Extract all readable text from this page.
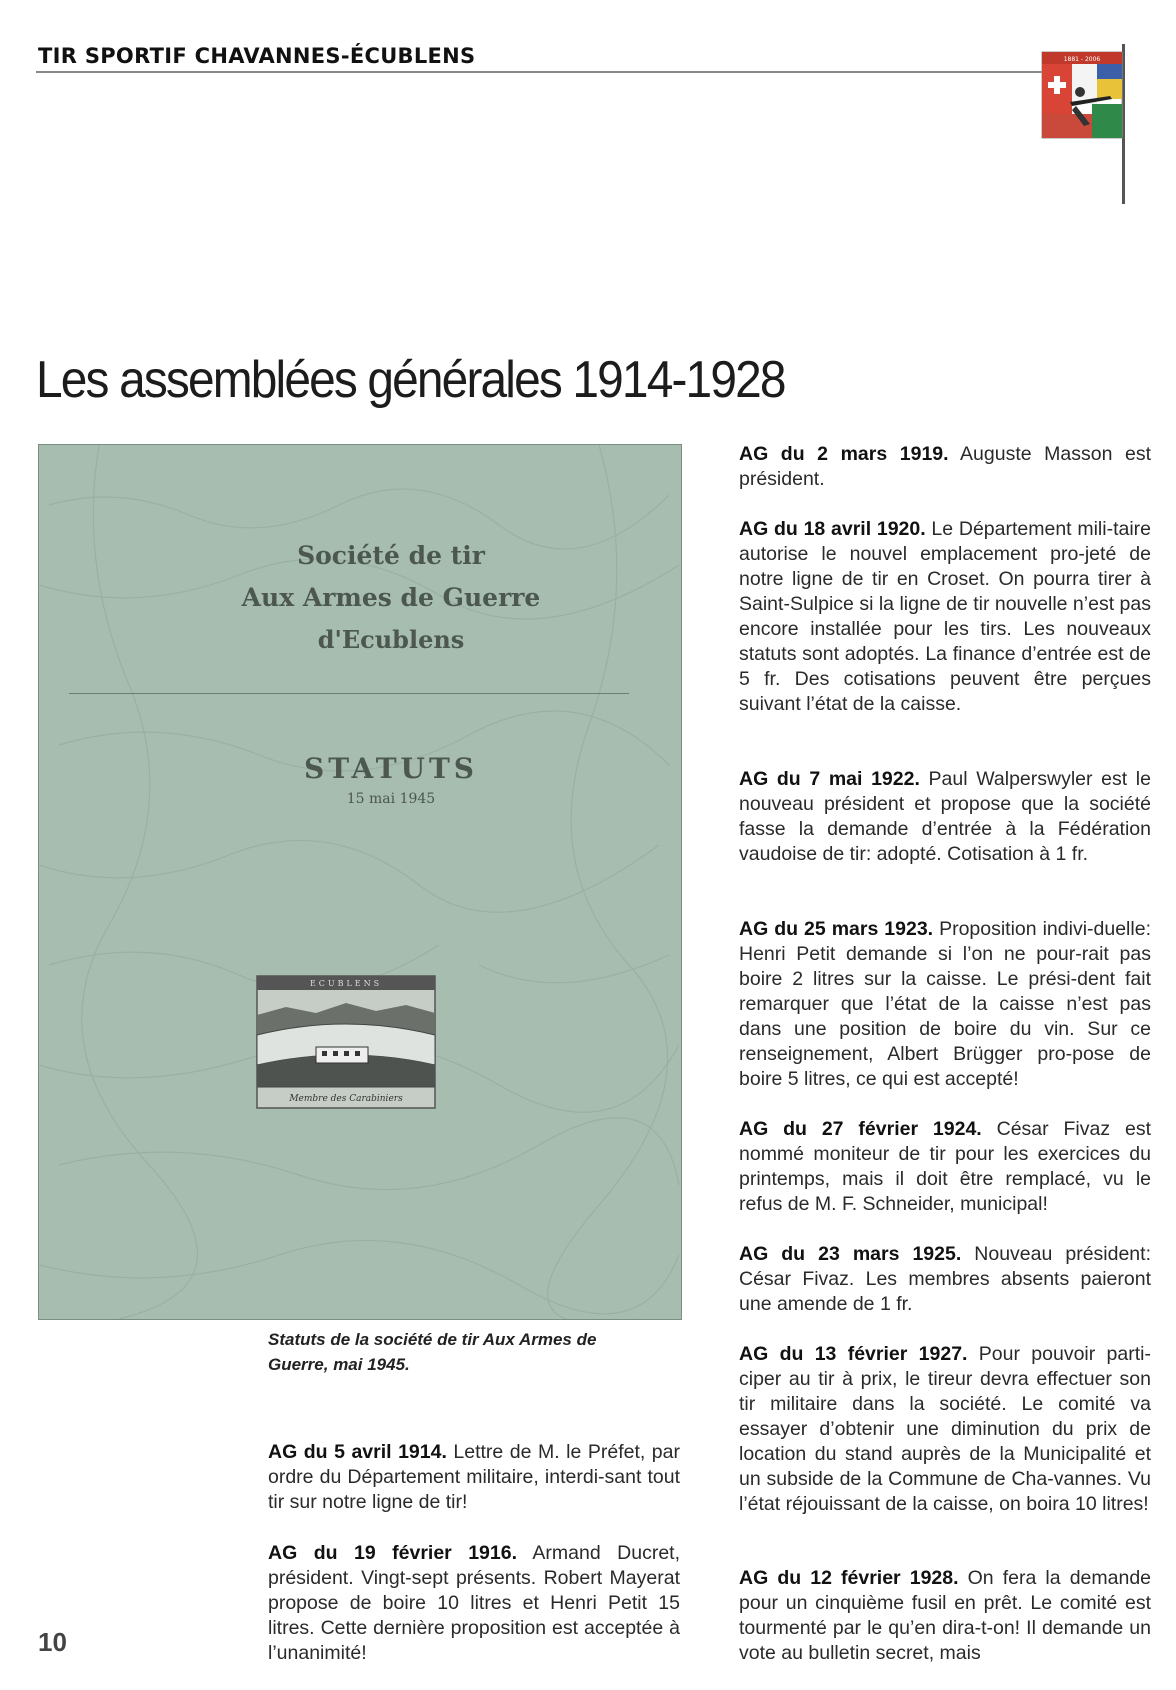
TIR SPORTIF CHAVANNES-ÉCUBLENS	1881 - 2006
Les assemblées générales 1914-1928
Société de tir
Aux Armes de Guerre
d'Ecublens
STATUTS
15 mai 1945
ECUBLENS
Membre des Carabiniers
Statuts de la société de tir Aux Armes de Guerre, mai 1945.
AG du 5 avril 1914. Lettre de M. le Préfet, par ordre du Département militaire, interdi-sant tout tir sur notre ligne de tir!
AG du 19 février 1916. Armand Ducret, président. Vingt-sept présents. Robert Mayerat propose de boire 10 litres et Henri Petit 15 litres. Cette dernière proposition est acceptée à l’unanimité!
AG du 2 mars 1919. Auguste Masson est président.
AG du 18 avril 1920. Le Département mili-taire autorise le nouvel emplacement pro-jeté de notre ligne de tir en Croset. On pourra tirer à Saint-Sulpice si la ligne de tir nouvelle n’est pas encore installée pour les tirs. Les nouveaux statuts sont adoptés. La finance d’entrée est de 5 fr. Des cotisations peuvent être perçues suivant l’état de la caisse.
AG du 7 mai 1922. Paul Walperswyler est le nouveau président et propose que la société fasse la demande d’entrée à la Fédération vaudoise de tir: adopté. Cotisation à 1 fr.
AG du 25 mars 1923. Proposition indivi-duelle: Henri Petit demande si l’on ne pour-rait pas boire 2 litres sur la caisse. Le prési-dent fait remarquer que l’état de la caisse n’est pas dans une position de boire du vin. Sur ce renseignement, Albert Brügger pro-pose de boire 5 litres, ce qui est accepté!
AG du 27 février 1924. César Fivaz est nommé moniteur de tir pour les exercices du printemps, mais il doit être remplacé, vu le refus de M. F. Schneider, municipal!
AG du 23 mars 1925. Nouveau président: César Fivaz. Les membres absents paieront une amende de 1 fr.
AG du 13 février 1927. Pour pouvoir parti-ciper au tir à prix, le tireur devra effectuer son tir militaire dans la société. Le comité va essayer d’obtenir une diminution du prix de location du stand auprès de la Municipalité et un subside de la Commune de Cha-vannes. Vu l’état réjouissant de la caisse, on boira 10 litres!
AG du 12 février 1928. On fera la demande pour un cinquième fusil en prêt. Le comité est tourmenté par le qu’en dira-t-on! Il demande un vote au bulletin secret, mais
10
